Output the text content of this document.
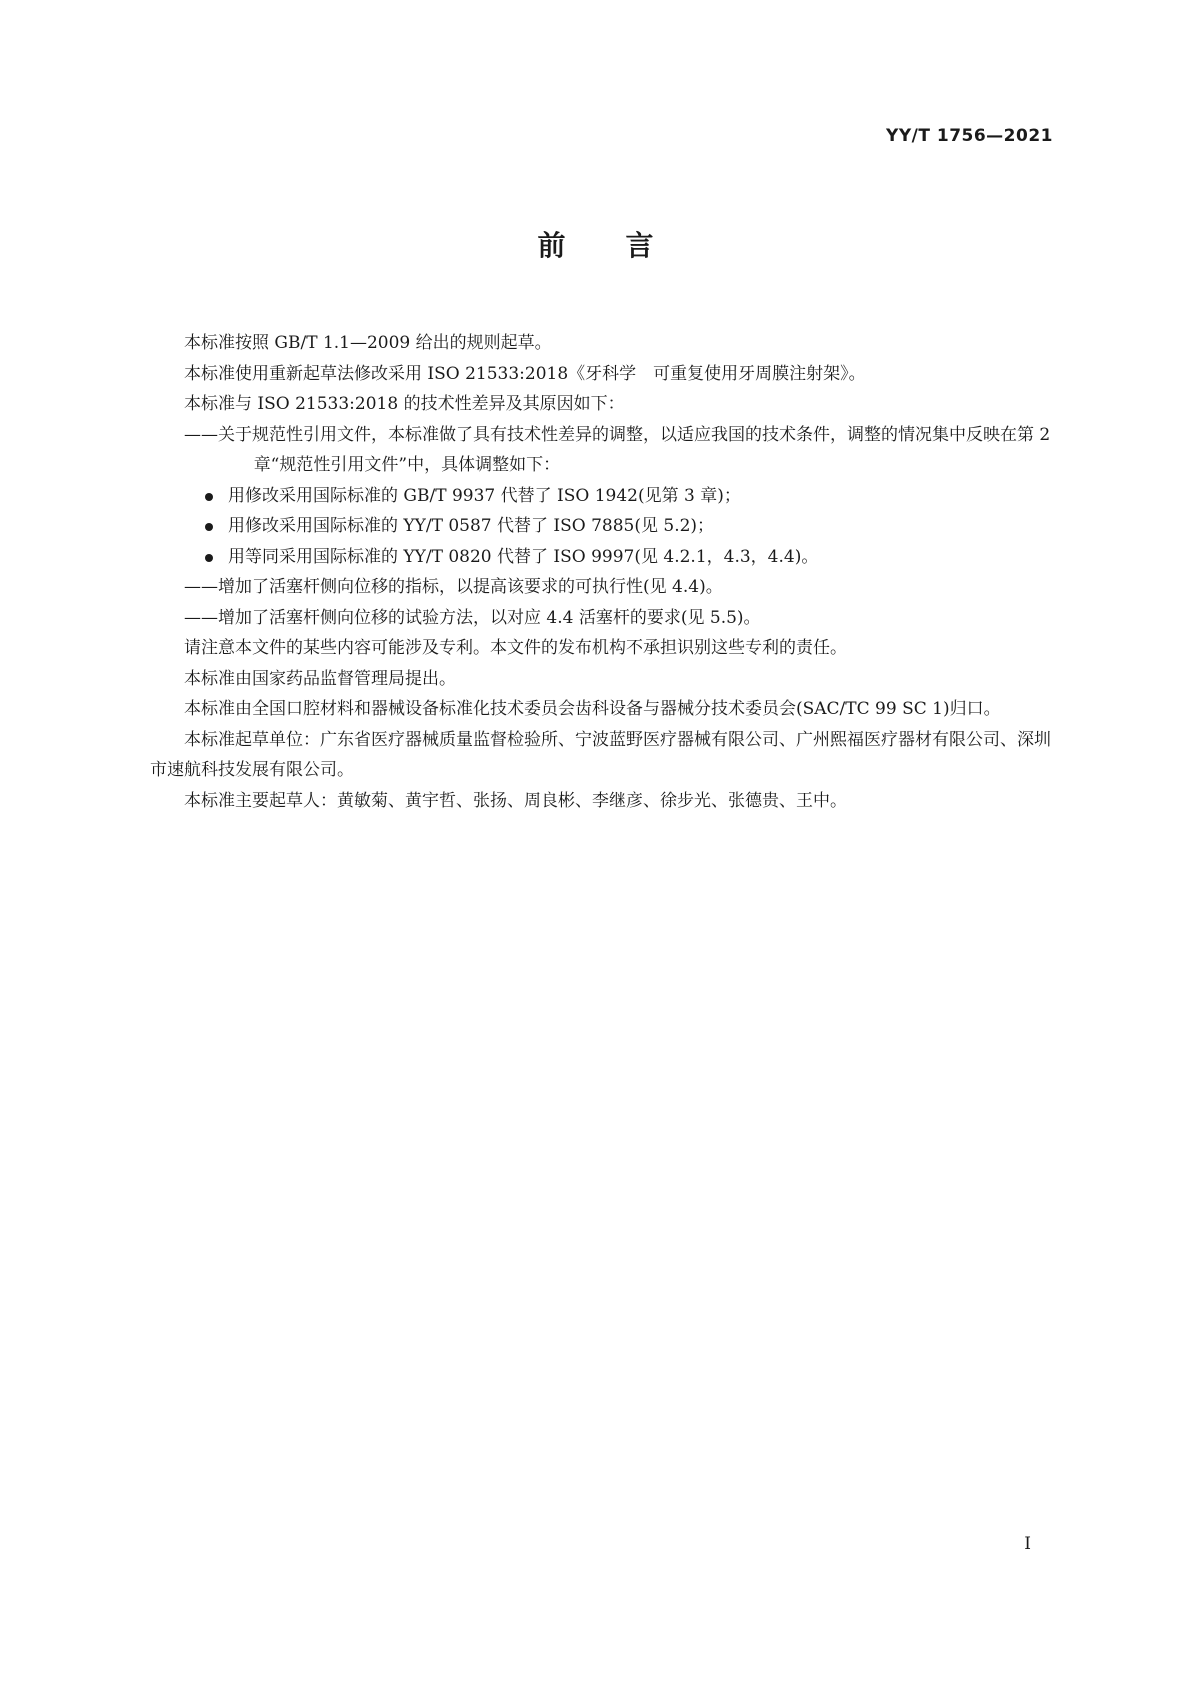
YY/T 1756—2021
前言

本标准按照 GB/T 1.1—2009 给出的规则起草。

本标准使用重新起草法修改采用 ISO 21533:2018《牙科学　可重复使用牙周膜注射架》。

本标准与 ISO 21533:2018 的技术性差异及其原因如下：

——关于规范性引用文件，本标准做了具有技术性差异的调整，以适应我国的技术条件，调整的情况集中反映在第 2 章“规范性引用文件”中，具体调整如下：

用修改采用国际标准的 GB/T 9937 代替了 ISO 1942(见第 3 章)；

用修改采用国际标准的 YY/T 0587 代替了 ISO 7885(见 5.2)；

用等同采用国际标准的 YY/T 0820 代替了 ISO 9997(见 4.2.1，4.3，4.4)。

——增加了活塞杆侧向位移的指标，以提高该要求的可执行性(见 4.4)。

——增加了活塞杆侧向位移的试验方法，以对应 4.4 活塞杆的要求(见 5.5)。

请注意本文件的某些内容可能涉及专利。本文件的发布机构不承担识别这些专利的责任。

本标准由国家药品监督管理局提出。

本标准由全国口腔材料和器械设备标准化技术委员会齿科设备与器械分技术委员会(SAC/TC 99 SC 1)归口。

本标准起草单位：广东省医疗器械质量监督检验所、宁波蓝野医疗器械有限公司、广州熙福医疗器材有限公司、深圳市速航科技发展有限公司。

本标准主要起草人：黄敏菊、黄宇哲、张扬、周良彬、李继彦、徐步光、张德贵、王中。

I
